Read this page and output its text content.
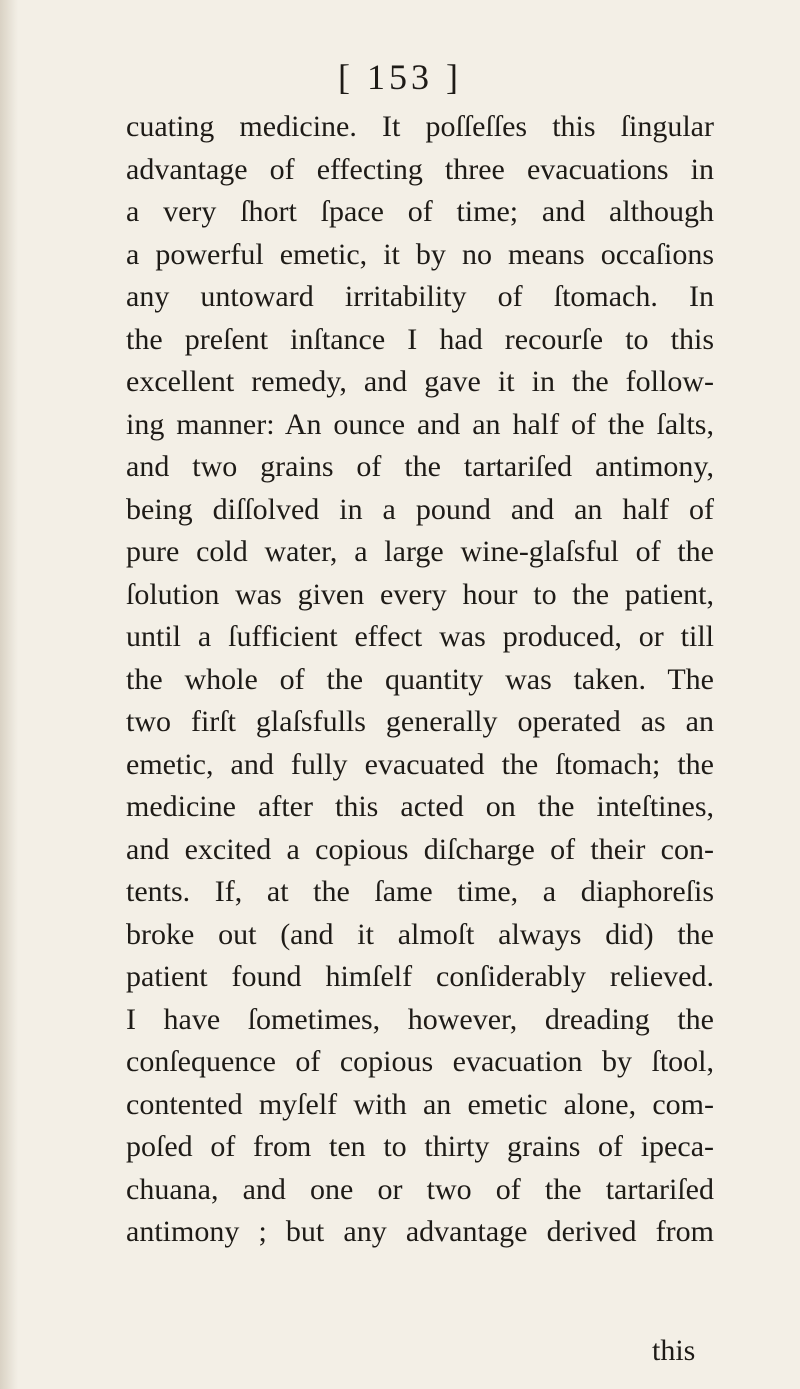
[ 153 ]
cuating medicine. It poſſeſſes this ſingular
advantage of effecting three evacuations in
a very ſhort ſpace of time; and although
a powerful emetic, it by no means occaſions
any untoward irritability of ſtomach. In
the preſent inſtance I had recourſe to this
excellent remedy, and gave it in the follow-
ing manner: An ounce and an half of the ſalts,
and two grains of the tartariſed antimony,
being diſſolved in a pound and an half of
pure cold water, a large wine-glaſsful of the
ſolution was given every hour to the patient,
until a ſufficient effect was produced, or till
the whole of the quantity was taken. The
two firſt glaſsfulls generally operated as an
emetic, and fully evacuated the ſtomach; the
medicine after this acted on the inteſtines,
and excited a copious diſcharge of their con-
tents. If, at the ſame time, a diaphoreſis
broke out (and it almoſt always did) the
patient found himſelf conſiderably relieved.
I have ſometimes, however, dreading the
conſequence of copious evacuation by ſtool,
contented myſelf with an emetic alone, com-
poſed of from ten to thirty grains of ipeca-
chuana, and one or two of the tartariſed
antimony ; but any advantage derived from
this
